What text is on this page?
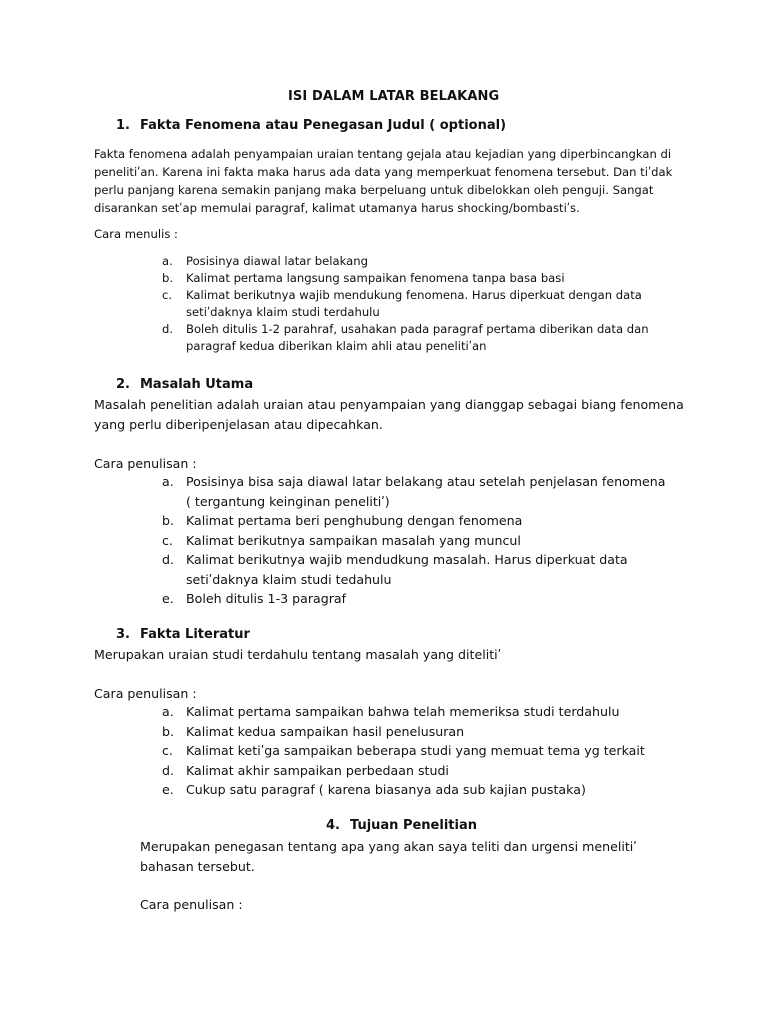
ISI DALAM LATAR BELAKANG
1. Fakta Fenomena atau Penegasan Judul ( optional)
Fakta fenomena adalah penyampaian uraian tentang gejala atau kejadian yang diperbincangkan di penelitiʹan. Karena ini fakta maka harus ada data yang memperkuat fenomena tersebut. Dan tiʹdak perlu panjang karena semakin panjang maka berpeluang untuk dibelokkan oleh penguji. Sangat disarankan setʹap memulai paragraf, kalimat utamanya harus shocking/bombastiʹs.
Cara menulis :
a. Posisinya diawal latar belakang
b. Kalimat pertama langsung sampaikan fenomena tanpa basa basi
c. Kalimat berikutnya wajib mendukung fenomena. Harus diperkuat dengan data setiʹdaknya klaim studi terdahulu
d. Boleh ditulis 1-2 parahraf, usahakan pada paragraf pertama diberikan data dan paragraf kedua diberikan klaim ahli atau penelitiʹan
2. Masalah Utama
Masalah penelitian adalah uraian atau penyampaian yang dianggap sebagai biang fenomena yang perlu diberipenjelasan atau dipecahkan.
Cara penulisan :
a. Posisinya bisa saja diawal latar belakang atau setelah penjelasan fenomena ( tergantung keinginan penelitiʹ)
b. Kalimat pertama beri penghubung dengan fenomena
c. Kalimat berikutnya sampaikan masalah yang muncul
d. Kalimat berikutnya wajib mendudkung masalah. Harus diperkuat data setiʹdaknya klaim studi tedahulu
e. Boleh ditulis 1-3 paragraf
3. Fakta Literatur
Merupakan uraian studi terdahulu tentang masalah yang ditelitiʹ
Cara penulisan :
a. Kalimat pertama sampaikan bahwa telah memeriksa studi terdahulu
b. Kalimat kedua sampaikan hasil penelusuran
c. Kalimat ketiʹga sampaikan beberapa studi yang memuat tema yg terkait
d. Kalimat akhir sampaikan perbedaan studi
e. Cukup satu paragraf ( karena biasanya ada sub kajian pustaka)
4. Tujuan Penelitian
Merupakan penegasan tentang apa yang akan saya teliti dan urgensi menelitiʹ bahasan tersebut.
Cara penulisan :
